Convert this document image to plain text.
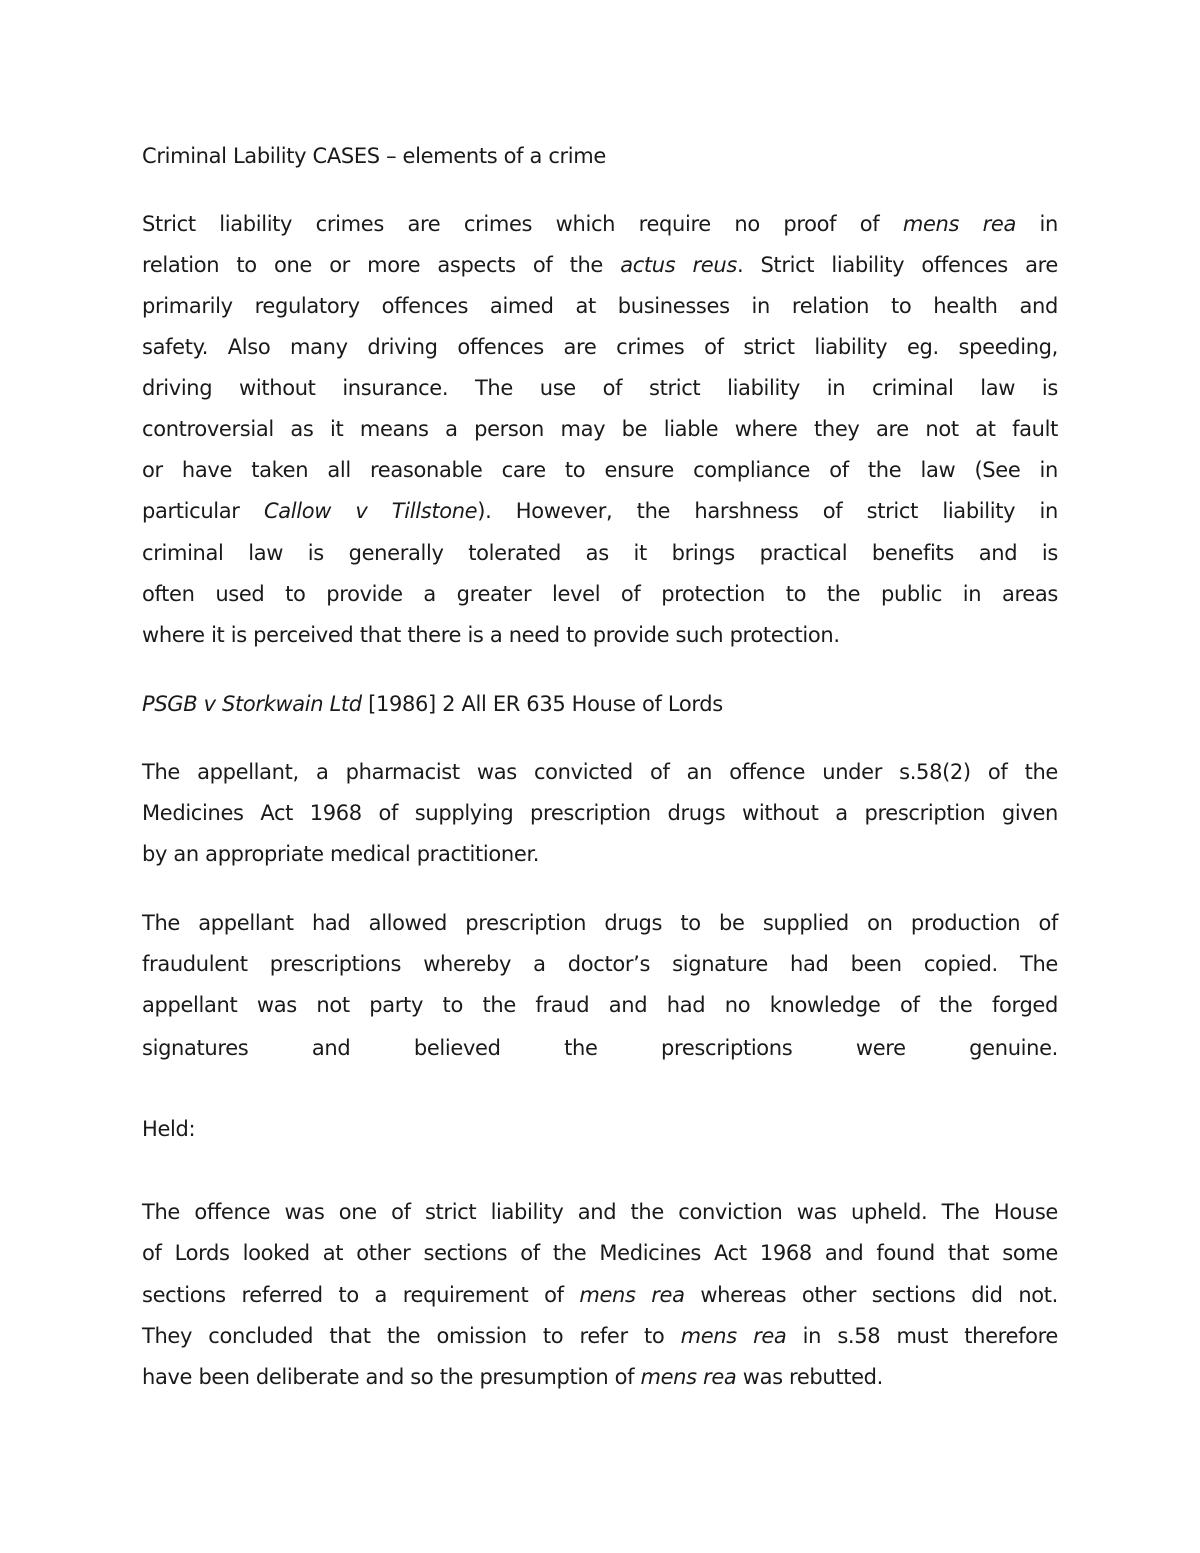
Criminal Lability CASES – elements of a crime
Strict liability crimes are crimes which require no proof of mens rea in
relation to one or more aspects of the actus reus. Strict liability offences are
primarily regulatory offences aimed at businesses in relation to health and
safety. Also many driving offences are crimes of strict liability eg. speeding,
driving without insurance. The use of strict liability in criminal law is
controversial as it means a person may be liable where they are not at fault
or have taken all reasonable care to ensure compliance of the law (See in
particular Callow v Tillstone). However, the harshness of strict liability in
criminal law is generally tolerated as it brings practical benefits and is
often used to provide a greater level of protection to the public in areas
where it is perceived that there is a need to provide such protection.
PSGB v Storkwain Ltd [1986] 2 All ER 635 House of Lords
The appellant, a pharmacist was convicted of an offence under s.58(2) of the
Medicines Act 1968 of supplying prescription drugs without a prescription given
by an appropriate medical practitioner.
The appellant had allowed prescription drugs to be supplied on production of
fraudulent prescriptions whereby a doctor’s signature had been copied. The
appellant was not party to the fraud and had no knowledge of the forged
signatures and believed the prescriptions were genuine.
Held:
The offence was one of strict liability and the conviction was upheld. The House
of Lords looked at other sections of the Medicines Act 1968 and found that some
sections referred to a requirement of mens rea whereas other sections did not.
They concluded that the omission to refer to mens rea in s.58 must therefore
have been deliberate and so the presumption of mens rea was rebutted.
